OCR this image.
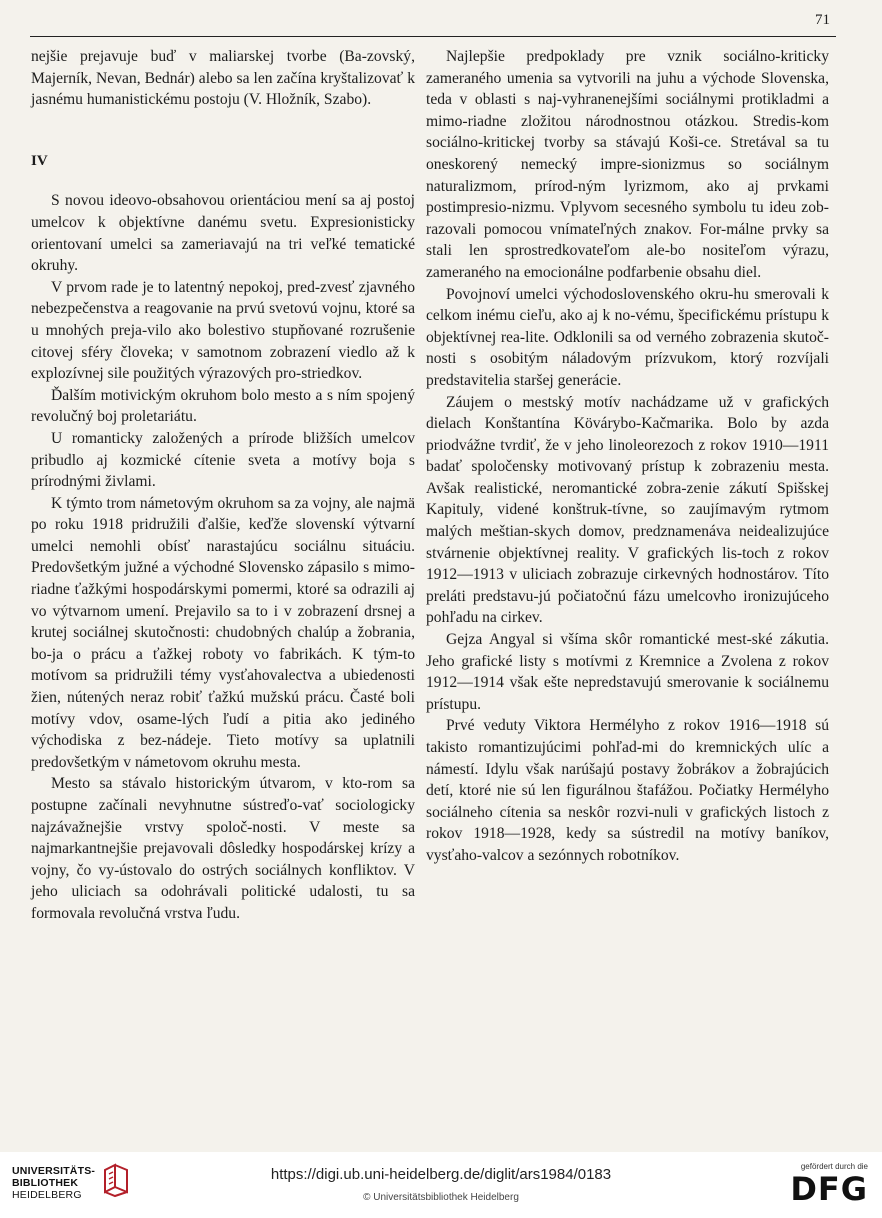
71

nejšie prejavuje buď v maliarskej tvorbe (Ba-zovský, Majerník, Nevan, Bednár) alebo sa len začína kryštalizovať k jasnému humanistickému postoju (V. Hložník, Szabo).

IV

S novou ideovo-obsahovou orientáciou mení sa aj postoj umelcov k objektívne danému svetu. Expresionisticky orientovaní umelci sa zameriavajú na tri veľké tematické okruhy.

V prvom rade je to latentný nepokoj, pred-zvesť zjavného nebezpečenstva a reagovanie na prvú svetovú vojnu, ktoré sa u mnohých preja-vilo ako bolestivo stupňované rozrušenie citovej sféry človeka; v samotnom zobrazení viedlo až k explozívnej sile použitých výrazových pro-striedkov.

Ďalším motivickým okruhom bolo mesto a s ním spojený revolučný boj proletariátu.

U romanticky založených a prírode bližších umelcov pribudlo aj kozmické cítenie sveta a motívy boja s prírodnými živlami.

K týmto trom námetovým okruhom sa za vojny, ale najmä po roku 1918 pridružili ďalšie, keďže slovenskí výtvarní umelci nemohli obísť narastajúcu sociálnu situáciu. Predovšetkým južné a východné Slovensko zápasilo s mimo-riadne ťažkými hospodárskymi pomermi, ktoré sa odrazili aj vo výtvarnom umení. Prejavilo sa to i v zobrazení drsnej a krutej sociálnej skutočnosti: chudobných chalúp a žobrania, bo-ja o prácu a ťažkej roboty vo fabrikách. K tým-to motívom sa pridružili témy vysťahovalectva a ubiedenosti žien, nútených neraz robiť ťažkú mužskú prácu. Časté boli motívy vdov, osame-lých ľudí a pitia ako jediného východiska z bez-nádeje. Tieto motívy sa uplatnili predovšetkým v námetovom okruhu mesta.

Mesto sa stávalo historickým útvarom, v kto-rom sa postupne začínali nevyhnutne sústreďo-vať sociologicky najzávažnejšie vrstvy spoloč-nosti. V meste sa najmarkantnejšie prejavovali dôsledky hospodárskej krízy a vojny, čo vy-ústovalo do ostrých sociálnych konfliktov. V jeho uliciach sa odohrávali politické udalosti, tu sa formovala revolučná vrstva ľudu.

Najlepšie predpoklady pre vznik sociálno-kriticky zameraného umenia sa vytvorili na juhu a východe Slovenska, teda v oblasti s naj-vyhranenejšími sociálnymi protikladmi a mimo-riadne zložitou národnostnou otázkou. Stredis-kom sociálno-kritickej tvorby sa stávajú Koši-ce. Stretával sa tu oneskorený nemecký impre-sionizmus so sociálnym naturalizmom, prírod-ným lyrizmom, ako aj prvkami postimpresio-nizmu. Vplyvom secesného symbolu tu ideu zob-razovali pomocou vnímateľných znakov. For-málne prvky sa stali len sprostredkovateľom ale-bo nositeľom výrazu, zameraného na emocionálne podfarbenie obsahu diel.

Povojnoví umelci východoslovenského okru-hu smerovali k celkom inému cieľu, ako aj k no-vému, špecifickému prístupu k objektívnej rea-lite. Odklonili sa od verného zobrazenia skutoč-nosti s osobitým náladovým prízvukom, ktorý rozvíjali predstavitelia staršej generácie.

Záujem o mestský motív nachádzame už v grafických dielach Konštantína Kövárybo-Kačmarika. Bolo by azda priodvážne tvrdiť, že v jeho linoleorezoch z rokov 1910—1911 badať spoločensky motivovaný prístup k zobrazeniu mesta. Avšak realistické, neromantické zobra-zenie zákutí Spišskej Kapituly, videné konštruk-tívne, so zaujímavým rytmom malých meštian-skych domov, predznamenáva neidealizujúce stvárnenie objektívnej reality. V grafických lis-toch z rokov 1912—1913 v uliciach zobrazuje cirkevných hodnostárov. Títo preláti predstavu-jú počiatočnú fázu umelcovho ironizujúceho pohľadu na cirkev.

Gejza Angyal si všíma skôr romantické mest-ské zákutia. Jeho grafické listy s motívmi z Kremnice a Zvolena z rokov 1912—1914 však ešte nepredstavujú smerovanie k sociálnemu prístupu.

Prvé veduty Viktora Hermélyho z rokov 1916—1918 sú takisto romantizujúcimi pohľad-mi do kremnických ulíc a námestí. Idylu však narúšajú postavy žobrákov a žobrajúcich detí, ktoré nie sú len figurálnou štafážou. Počiatky Hermélyho sociálneho cítenia sa neskôr rozvi-nuli v grafických listoch z rokov 1918—1928, kedy sa sústredil na motívy baníkov, vysťaho-valcov a sezónnych robotníkov.

UNIVERSITÄTS-
BIBLIOTHEK
HEIDELBERG
https://digi.ub.uni-heidelberg.de/diglit/ars1984/0183
© Universitätsbibliothek Heidelberg
gefördert durch die
DFG
